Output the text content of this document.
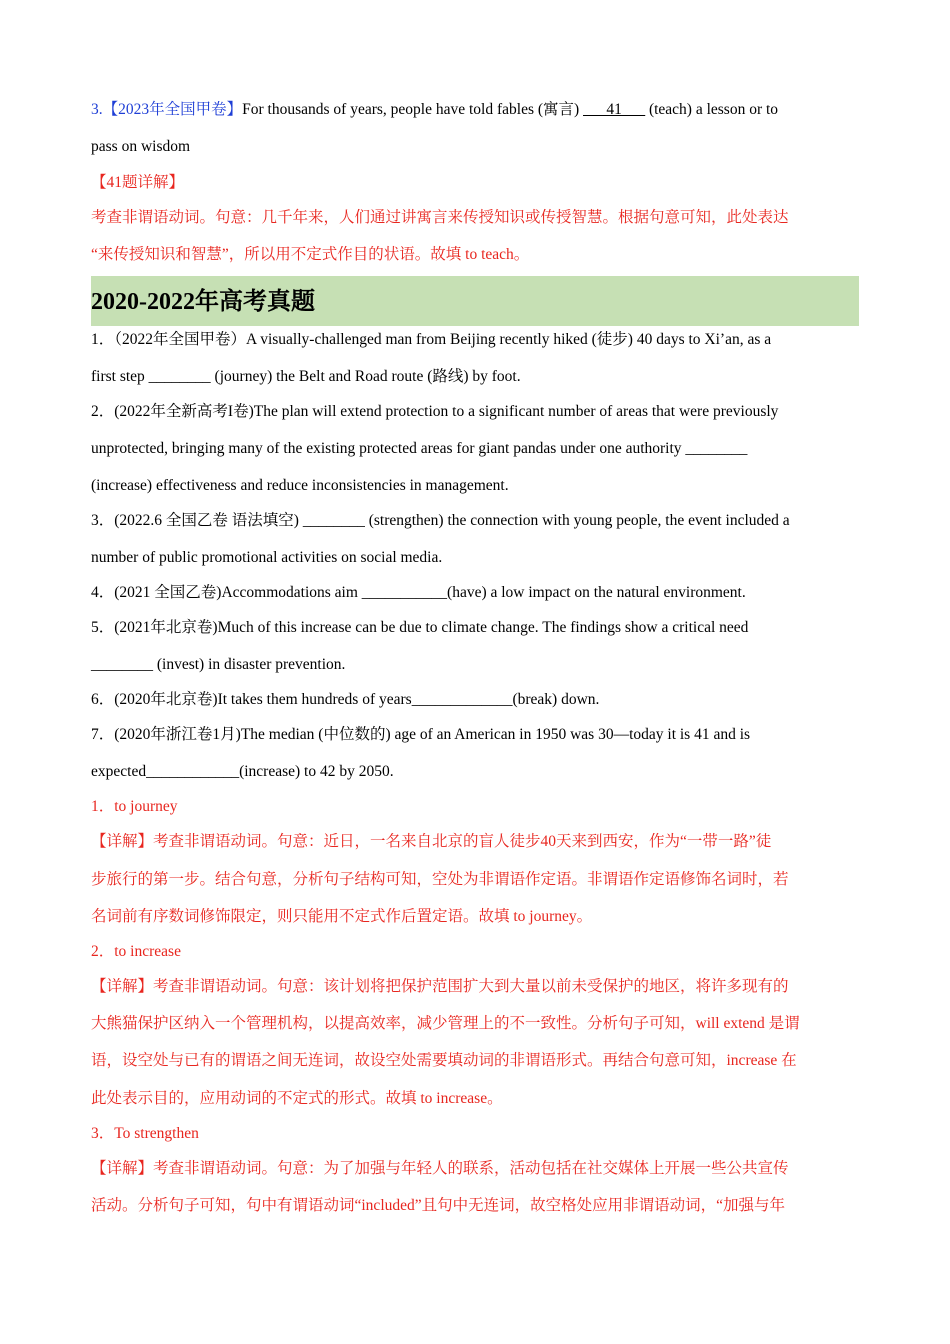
3.【2023年全国甲卷】For thousands of years, people have told fables (寓言) ___41___ (teach) a lesson or to
pass on wisdom
【41题详解】
考查非谓语动词。句意：几千年来，人们通过讲寓言来传授知识或传授智慧。根据句意可知，此处表达
“来传授知识和智慧”，所以用不定式作目的状语。故填 to teach。
1．（2022年全国甲卷）A visually-challenged man from Beijing recently hiked (徒步) 40 days to Xi’an, as a
first step ________ (journey) the Belt and Road route (路线) by foot.
2．(2022年全新高考I卷)The plan will extend protection to a significant number of areas that were previously
unprotected, bringing many of the existing protected areas for giant pandas under one authority ________
(increase) effectiveness and reduce inconsistencies in management.
3．(2022.6 全国乙卷 语法填空) ________ (strengthen) the connection with young people, the event included a
number of public promotional activities on social media.
4．(2021 全国乙卷)Accommodations aim ___________(have) a low impact on the natural environment.
5．(2021年北京卷)Much of this increase can be due to climate change. The findings show a critical need
________ (invest) in disaster prevention.
6．(2020年北京卷)It takes them hundreds of years_____________(break) down.
7．(2020年浙江卷1月)The median (中位数的) age of an American in 1950 was 30—today it is 41 and is
expected____________(increase) to 42 by 2050.
1．to journey
【详解】考查非谓语动词。句意：近日，一名来自北京的盲人徒步40天来到西安，作为“一带一路”徒
步旅行的第一步。结合句意，分析句子结构可知，空处为非谓语作定语。非谓语作定语修饰名词时，若
名词前有序数词修饰限定，则只能用不定式作后置定语。故填 to journey。
2．to increase
【详解】考查非谓语动词。句意：该计划将把保护范围扩大到大量以前未受保护的地区，将许多现有的
大熊猫保护区纳入一个管理机构，以提高效率，减少管理上的不一致性。分析句子可知，will extend 是谓
语，设空处与已有的谓语之间无连词，故设空处需要填动词的非谓语形式。再结合句意可知，increase 在
此处表示目的，应用动词的不定式的形式。故填 to increase。
3．To strengthen
【详解】考查非谓语动词。句意：为了加强与年轻人的联系，活动包括在社交媒体上开展一些公共宣传
活动。分析句子可知，句中有谓语动词“included”且句中无连词，故空格处应用非谓语动词，“加强与年
2020-2022年高考真题
